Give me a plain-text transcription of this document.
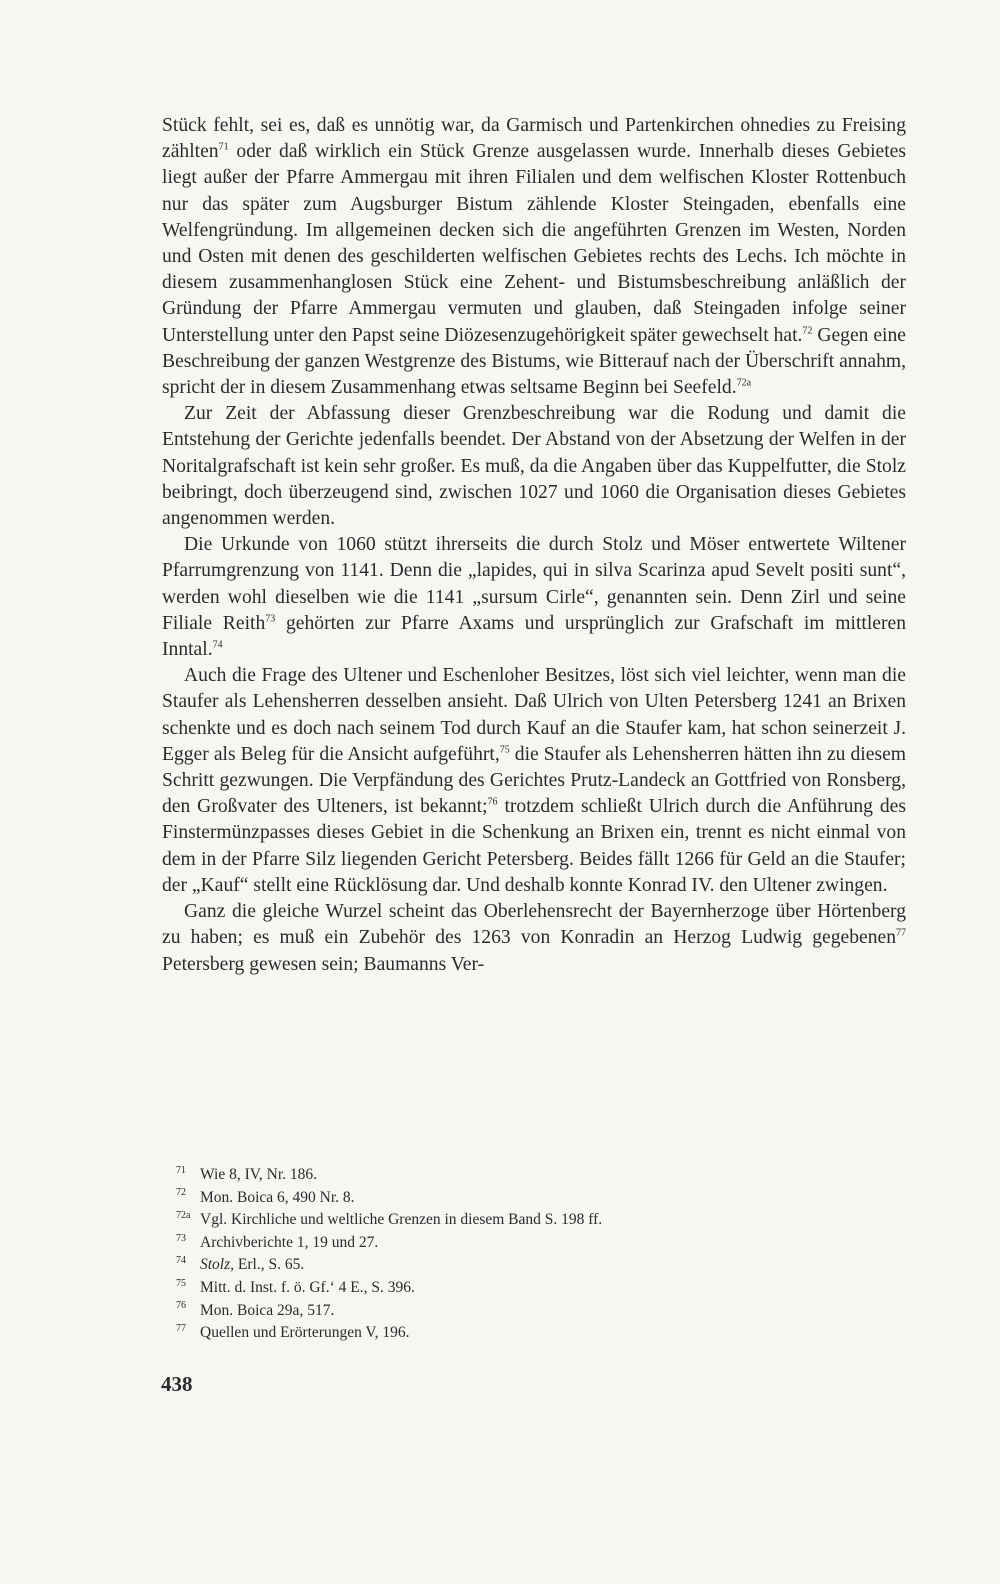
Stück fehlt, sei es, daß es unnötig war, da Garmisch und Partenkirchen ohnedies zu Freising zählten$^{71}$ oder daß wirklich ein Stück Grenze ausgelassen wurde. Innerhalb dieses Gebietes liegt außer der Pfarre Ammergau mit ihren Filialen und dem welfischen Kloster Rottenbuch nur das später zum Augsburger Bistum zählende Kloster Steingaden, ebenfalls eine Welfengründung. Im allgemeinen decken sich die angeführten Grenzen im Westen, Norden und Osten mit denen des geschilderten welfischen Gebietes rechts des Lechs. Ich möchte in diesem zusammenhanglosen Stück eine Zehent- und Bistumsbeschreibung anläßlich der Gründung der Pfarre Ammergau vermuten und glauben, daß Steingaden infolge seiner Unterstellung unter den Papst seine Diözesenzugehörigkeit später gewechselt hat.$^{72}$ Gegen eine Beschreibung der ganzen Westgrenze des Bistums, wie Bitterauf nach der Überschrift annahm, spricht der in diesem Zusammenhang etwas seltsame Beginn bei Seefeld.$^{72a}$

Zur Zeit der Abfassung dieser Grenzbeschreibung war die Rodung und damit die Entstehung der Gerichte jedenfalls beendet. Der Abstand von der Absetzung der Welfen in der Noritalgrafschaft ist kein sehr großer. Es muß, da die Angaben über das Kuppelfutter, die Stolz beibringt, doch überzeugend sind, zwischen 1027 und 1060 die Organisation dieses Gebietes angenommen werden.

Die Urkunde von 1060 stützt ihrerseits die durch Stolz und Möser entwertete Wiltener Pfarrumgrenzung von 1141. Denn die „lapides, qui in silva Scarinza apud Sevelt positi sunt“, werden wohl dieselben wie die 1141 „sursum Cirle“, genannten sein. Denn Zirl und seine Filiale Reith$^{73}$ gehörten zur Pfarre Axams und ursprünglich zur Grafschaft im mittleren Inntal.$^{74}$

Auch die Frage des Ultener und Eschenloher Besitzes, löst sich viel leichter, wenn man die Staufer als Lehensherren desselben ansieht. Daß Ulrich von Ulten Petersberg 1241 an Brixen schenkte und es doch nach seinem Tod durch Kauf an die Staufer kam, hat schon seinerzeit J. Egger als Beleg für die Ansicht aufgeführt,$^{75}$ die Staufer als Lehensherren hätten ihn zu diesem Schritt gezwungen. Die Verpfändung des Gerichtes Prutz-Landeck an Gottfried von Ronsberg, den Großvater des Ulteners, ist bekannt;$^{76}$ trotzdem schließt Ulrich durch die Anführung des Finstermünzpasses dieses Gebiet in die Schenkung an Brixen ein, trennt es nicht einmal von dem in der Pfarre Silz liegenden Gericht Petersberg. Beides fällt 1266 für Geld an die Staufer; der „Kauf“ stellt eine Rücklösung dar. Und deshalb konnte Konrad IV. den Ultener zwingen.

Ganz die gleiche Wurzel scheint das Oberlehensrecht der Bayernherzoge über Hörtenberg zu haben; es muß ein Zubehör des 1263 von Konradin an Herzog Ludwig gegebenen$^{77}$ Petersberg gewesen sein; Baumanns Ver-

71 Wie 8, IV, Nr. 186.

72 Mon. Boica 6, 490 Nr. 8.

72a Vgl. Kirchliche und weltliche Grenzen in diesem Band S. 198 ff.

73 Archivberichte 1, 19 und 27.

74 Stolz, Erl., S. 65.

75 Mitt. d. Inst. f. ö. Gf.‘ 4 E., S. 396.

76 Mon. Boica 29a, 517.

77 Quellen und Erörterungen V, 196.

438
